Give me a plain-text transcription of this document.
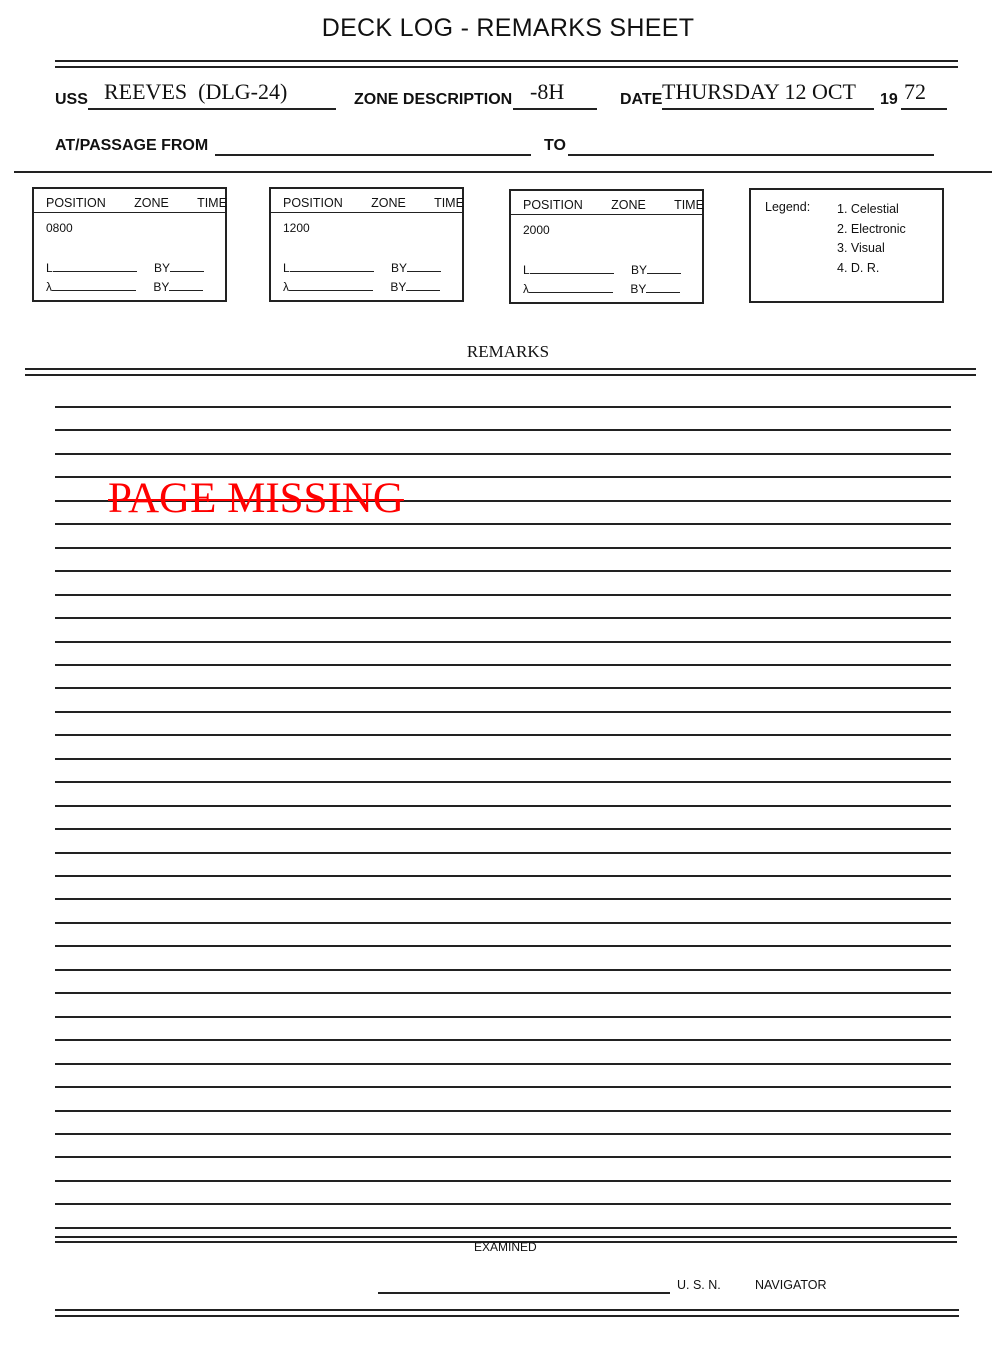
DECK LOG - REMARKS SHEET
USS REEVES  (DLG-24)	ZONE DESCRIPTION -8H	DATE THURSDAY 12 OCT 19 72
AT/PASSAGE FROM	TO
POSITION   ZONE   TIME
0800
L	BY
λ	BY
POSITION   ZONE   TIME
1200
L	BY
λ	BY
POSITION   ZONE   TIME
2000
L	BY
λ	BY
Legend: 1. Celestial
2. Electronic
3. Visual
4. D. R.
REMARKS
PAGE MISSING
EXAMINED
U. S. N.	NAVIGATOR
